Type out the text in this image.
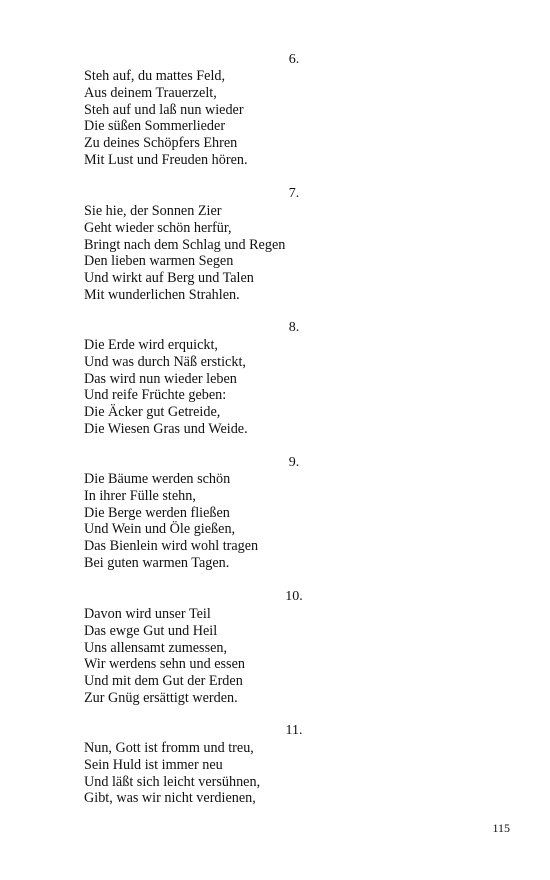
6.
Steh auf, du mattes Feld,
Aus deinem Trauerzelt,
Steh auf und laß nun wieder
Die süßen Sommerlieder
Zu deines Schöpfers Ehren
Mit Lust und Freuden hören.
7.
Sie hie, der Sonnen Zier
Geht wieder schön herfür,
Bringt nach dem Schlag und Regen
Den lieben warmen Segen
Und wirkt auf Berg und Talen
Mit wunderlichen Strahlen.
8.
Die Erde wird erquickt,
Und was durch Näß erstickt,
Das wird nun wieder leben
Und reife Früchte geben:
Die Äcker gut Getreide,
Die Wiesen Gras und Weide.
9.
Die Bäume werden schön
In ihrer Fülle stehn,
Die Berge werden fließen
Und Wein und Öle gießen,
Das Bienlein wird wohl tragen
Bei guten warmen Tagen.
10.
Davon wird unser Teil
Das ewge Gut und Heil
Uns allensamt zumessen,
Wir werdens sehn und essen
Und mit dem Gut der Erden
Zur Gnüg ersättigt werden.
11.
Nun, Gott ist fromm und treu,
Sein Huld ist immer neu
Und läßt sich leicht versühnen,
Gibt, was wir nicht verdienen,
115
